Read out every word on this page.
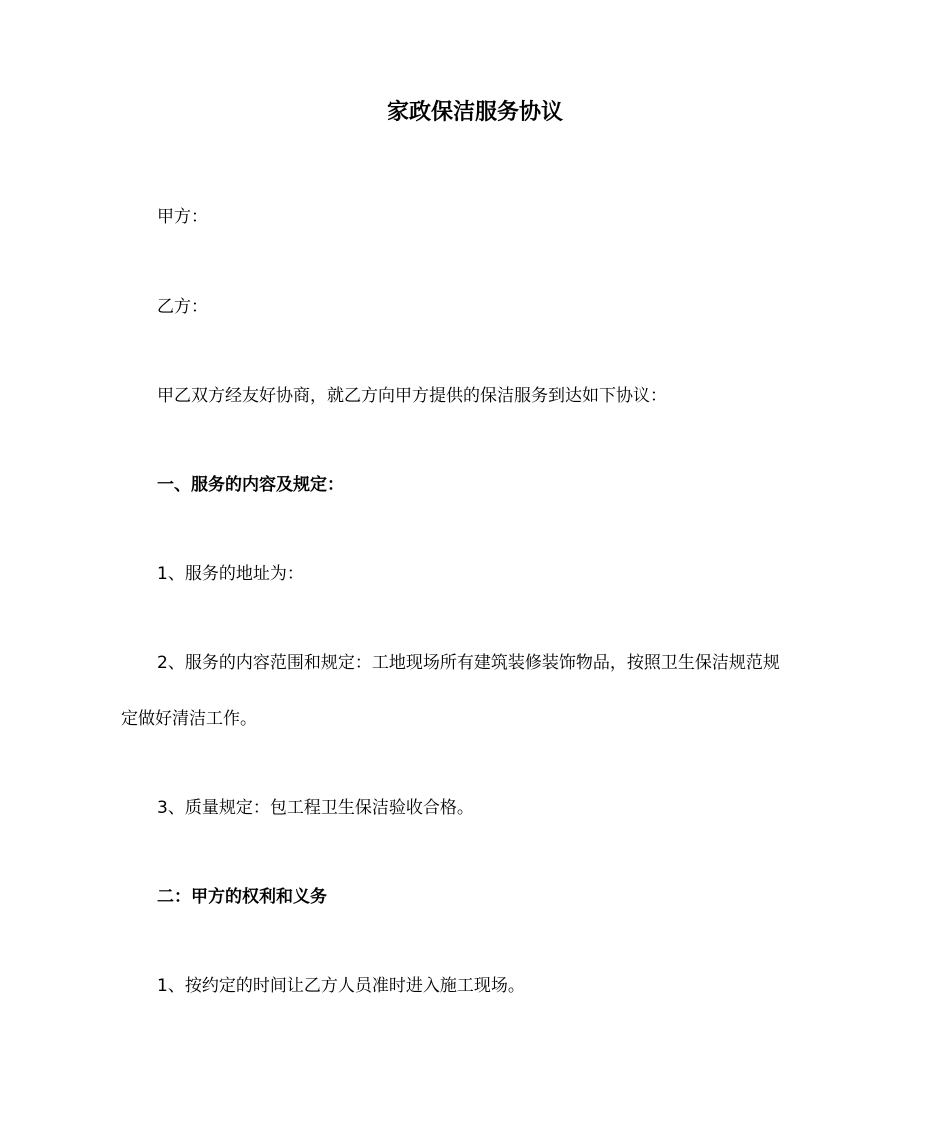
家政保洁服务协议
甲方：
乙方：
甲乙双方经友好协商，就乙方向甲方提供的保洁服务到达如下协议：
一、服务的内容及规定：
1、服务的地址为：
2、服务的内容范围和规定：工地现场所有建筑装修装饰物品，按照卫生保洁规范规
定做好清洁工作。
3、质量规定：包工程卫生保洁验收合格。
二：甲方的权利和义务
1、按约定的时间让乙方人员准时进入施工现场。
